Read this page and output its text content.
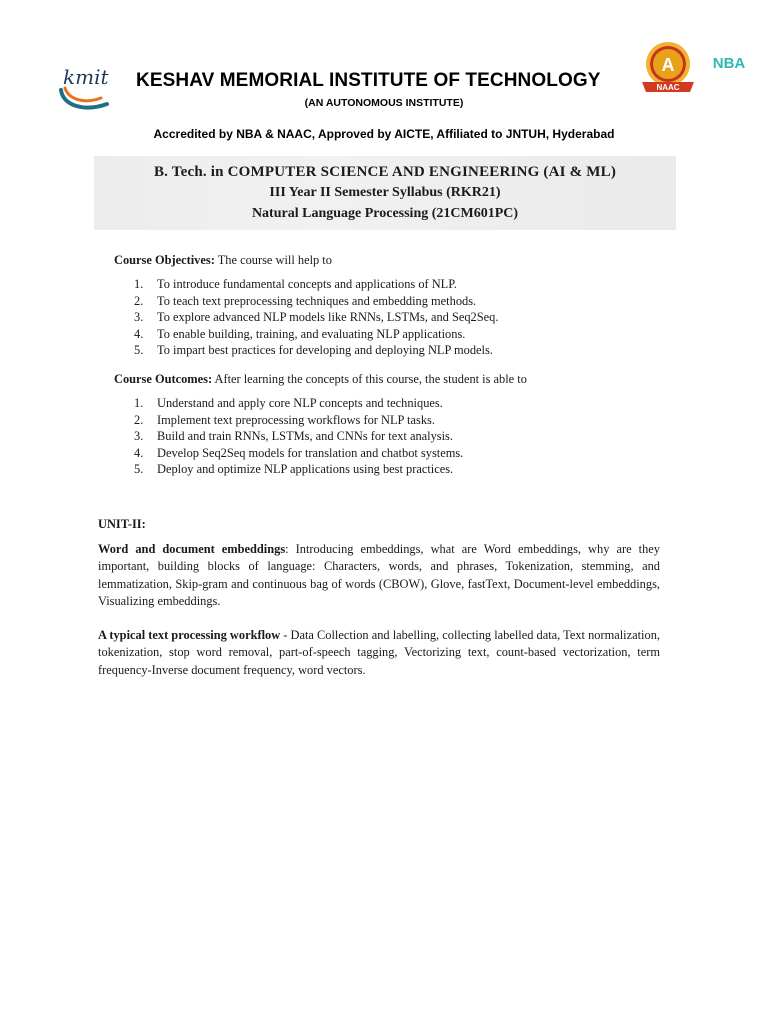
kmit KESHAV MEMORIAL INSTITUTE OF TECHNOLOGY
(AN AUTONOMOUS INSTITUTE)
Accredited by NBA & NAAC, Approved by AICTE, Affiliated to JNTUH, Hyderabad
A
NAAC
NBA
B. Tech. in COMPUTER SCIENCE AND ENGINEERING (AI & ML)
III Year II Semester Syllabus (RKR21)
Natural Language Processing (21CM601PC)
Course Objectives: The course will help to
1. To introduce fundamental concepts and applications of NLP.
2. To teach text preprocessing techniques and embedding methods.
3. To explore advanced NLP models like RNNs, LSTMs, and Seq2Seq.
4. To enable building, training, and evaluating NLP applications.
5. To impart best practices for developing and deploying NLP models.
Course Outcomes: After learning the concepts of this course, the student is able to
1. Understand and apply core NLP concepts and techniques.
2. Implement text preprocessing workflows for NLP tasks.
3. Build and train RNNs, LSTMs, and CNNs for text analysis.
4. Develop Seq2Seq models for translation and chatbot systems.
5. Deploy and optimize NLP applications using best practices.
UNIT-II:
Word and document embeddings: Introducing embeddings, what are Word embeddings, why are they important, building blocks of language: Characters, words, and phrases, Tokenization, stemming, and lemmatization, Skip-gram and continuous bag of words (CBOW), Glove, fastText, Document-level embeddings, Visualizing embeddings.
A typical text processing workflow - Data Collection and labelling, collecting labelled data, Text normalization, tokenization, stop word removal, part-of-speech tagging, Vectorizing text, count-based vectorization, term frequency-Inverse document frequency, word vectors.
